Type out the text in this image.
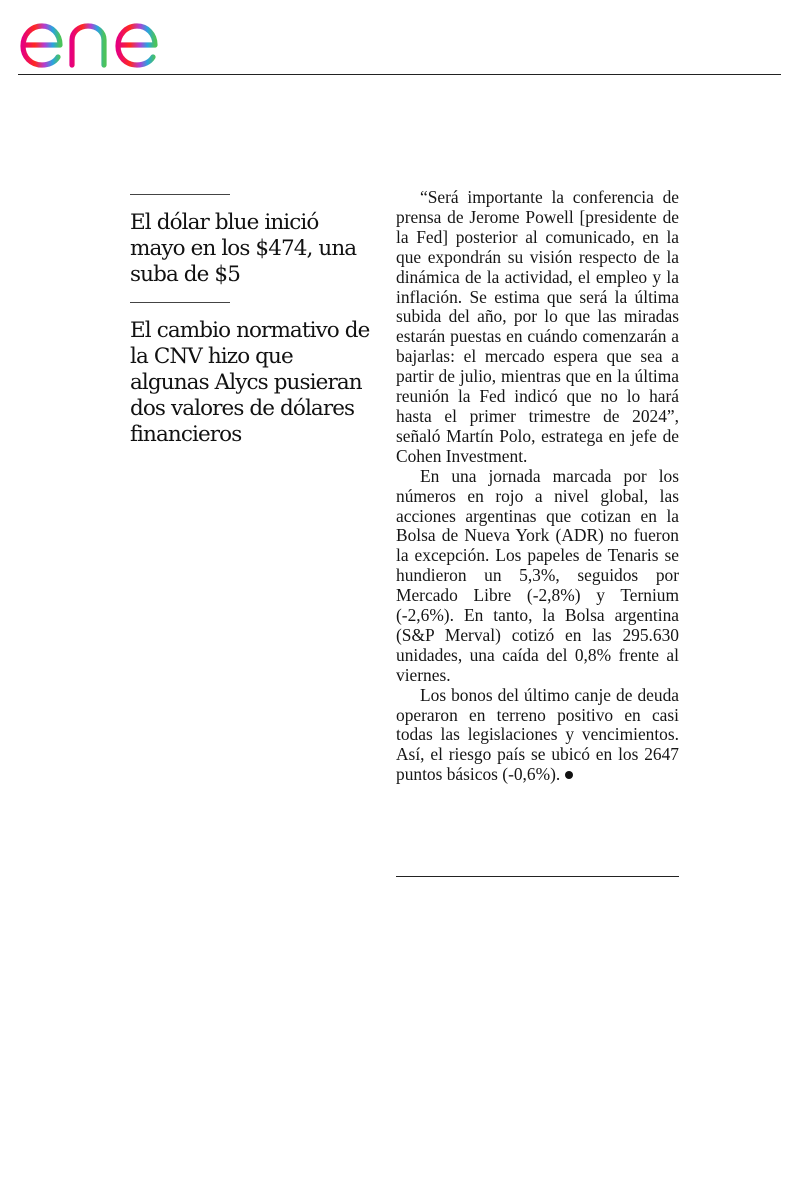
El dólar blue inició mayo en los $474, una suba de $5
El cambio normativo de la CNV hizo que algunas Alycs pusieran dos valores de dólares financieros

“Será importante la conferencia de prensa de Jerome Powell [presidente de la Fed] posterior al comunicado, en la que expondrán su visión respecto de la dinámica de la actividad, el empleo y la inflación. Se estima que será la última subida del año, por lo que las miradas estarán puestas en cuándo comenzarán a bajarlas: el mercado espera que sea a partir de julio, mientras que en la última reunión la Fed indicó que no lo hará hasta el primer trimestre de 2024”, señaló Martín Polo, estratega en jefe de Cohen Investment.

En una jornada marcada por los números en rojo a nivel global, las acciones argentinas que cotizan en la Bolsa de Nueva York (ADR) no fueron la excepción. Los papeles de Tenaris se hundieron un 5,3%, seguidos por Mercado Libre (-2,8%) y Ternium (-2,6%). En tanto, la Bolsa argentina (S&P Merval) cotizó en las 295.630 unidades, una caída del 0,8% frente al viernes.

Los bonos del último canje de deuda operaron en terreno positivo en casi todas las legislaciones y vencimientos. Así, el riesgo país se ubicó en los 2647 puntos básicos (-0,6%).
